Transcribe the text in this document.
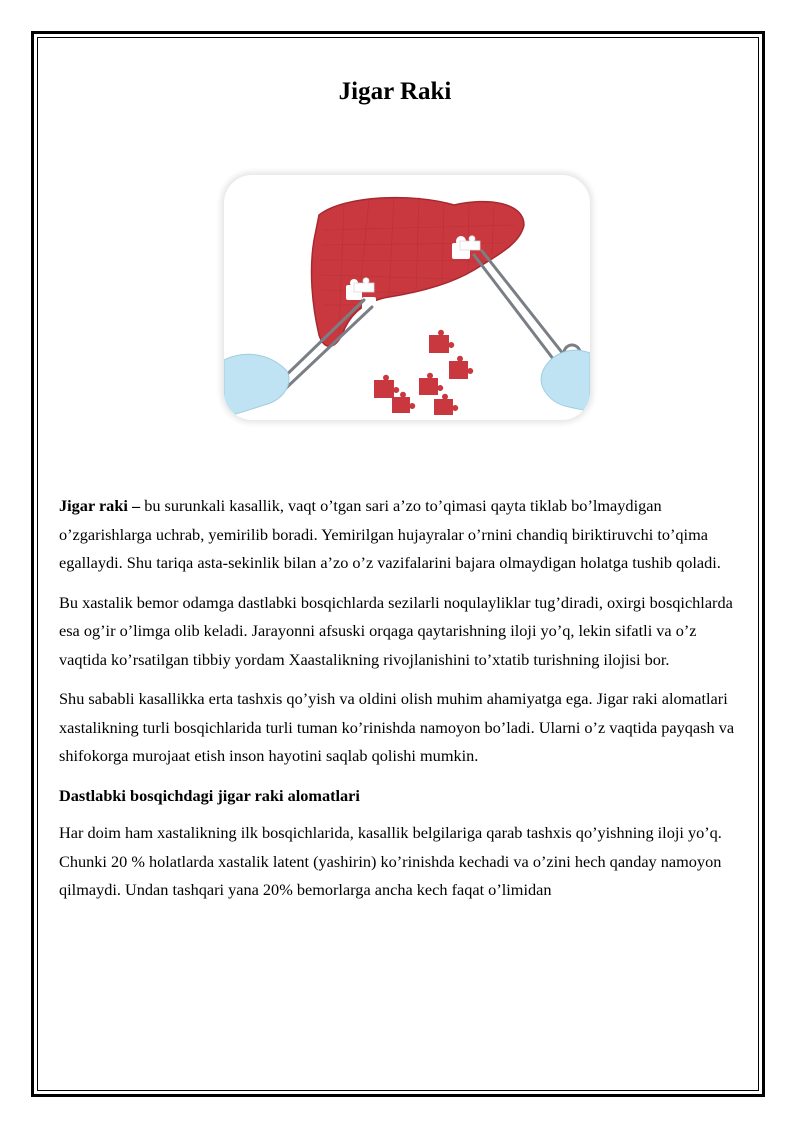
Jigar Raki

Jigar raki – bu surunkali kasallik, vaqt o’tgan sari a’zo to’qimasi qayta tiklab bo’lmaydigan o’zgarishlarga uchrab, yemirilib boradi. Yemirilgan hujayralar o’rnini chandiq biriktiruvchi to’qima egallaydi. Shu tariqa asta-sekinlik bilan a’zo o’z vazifalarini bajara olmaydigan holatga tushib qoladi.

Bu xastalik bemor odamga dastlabki bosqichlarda sezilarli noqulayliklar tug’diradi, oxirgi bosqichlarda esa og’ir o’limga olib keladi. Jarayonni afsuski orqaga qaytarishning iloji yo’q, lekin sifatli va o’z vaqtida ko’rsatilgan tibbiy yordam Xaastalikning rivojlanishini to’xtatib turishning ilojisi bor.

Shu sababli kasallikka erta tashxis qo’yish va oldini olish muhim ahamiyatga ega. Jigar raki alomatlari xastalikning turli bosqichlarida turli tuman ko’rinishda namoyon bo’ladi. Ularni o’z vaqtida payqash va shifokorga murojaat etish inson hayotini saqlab qolishi mumkin.

Dastlabki bosqichdagi jigar raki alomatlari

Har doim ham xastalikning ilk bosqichlarida, kasallik belgilariga qarab tashxis qo’yishning iloji yo’q. Chunki 20 % holatlarda xastalik latent (yashirin) ko’rinishda kechadi va o’zini hech qanday namoyon qilmaydi. Undan tashqari yana 20% bemorlarga ancha kech faqat o’limidan
